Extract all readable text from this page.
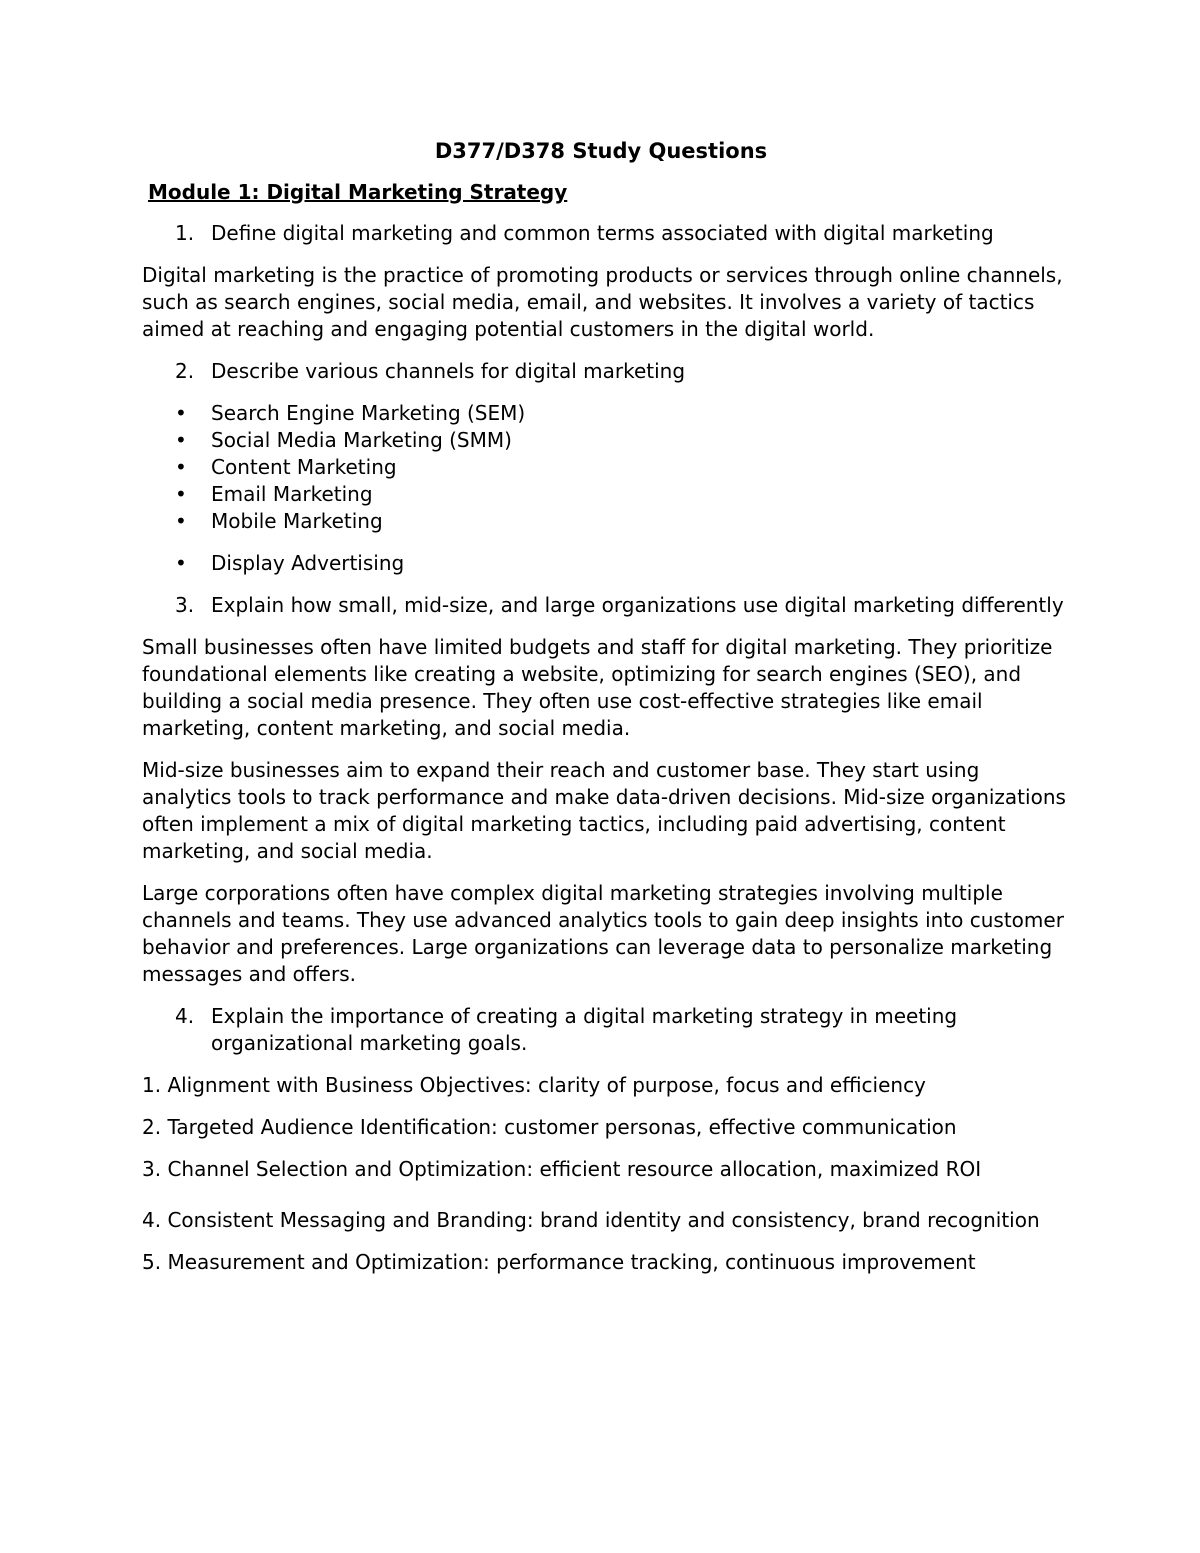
D377/D378 Study Questions
Module 1: Digital Marketing Strategy
1. Define digital marketing and common terms associated with digital marketing

Digital marketing is the practice of promoting products or services through online channels, such as search engines, social media, email, and websites. It involves a variety of tactics aimed at reaching and engaging potential customers in the digital world.

2. Describe various channels for digital marketing
•	Search Engine Marketing (SEM)
•	Social Media Marketing (SMM)
•	Content Marketing
•	Email Marketing
•	Mobile Marketing
•	Display Advertising
3. Explain how small, mid-size, and large organizations use digital marketing differently

Small businesses often have limited budgets and staff for digital marketing. They prioritize foundational elements like creating a website, optimizing for search engines (SEO), and building a social media presence. They often use cost-effective strategies like email marketing, content marketing, and social media.

Mid-size businesses aim to expand their reach and customer base. They start using analytics tools to track performance and make data-driven decisions. Mid-size organizations often implement a mix of digital marketing tactics, including paid advertising, content marketing, and social media.

Large corporations often have complex digital marketing strategies involving multiple channels and teams. They use advanced analytics tools to gain deep insights into customer behavior and preferences. Large organizations can leverage data to personalize marketing messages and offers.

4. Explain the importance of creating a digital marketing strategy in meeting organizational marketing goals.

1. Alignment with Business Objectives: clarity of purpose, focus and efficiency

2. Targeted Audience Identification: customer personas, effective communication

3. Channel Selection and Optimization: efficient resource allocation, maximized ROI

4. Consistent Messaging and Branding: brand identity and consistency, brand recognition

5. Measurement and Optimization: performance tracking, continuous improvement
